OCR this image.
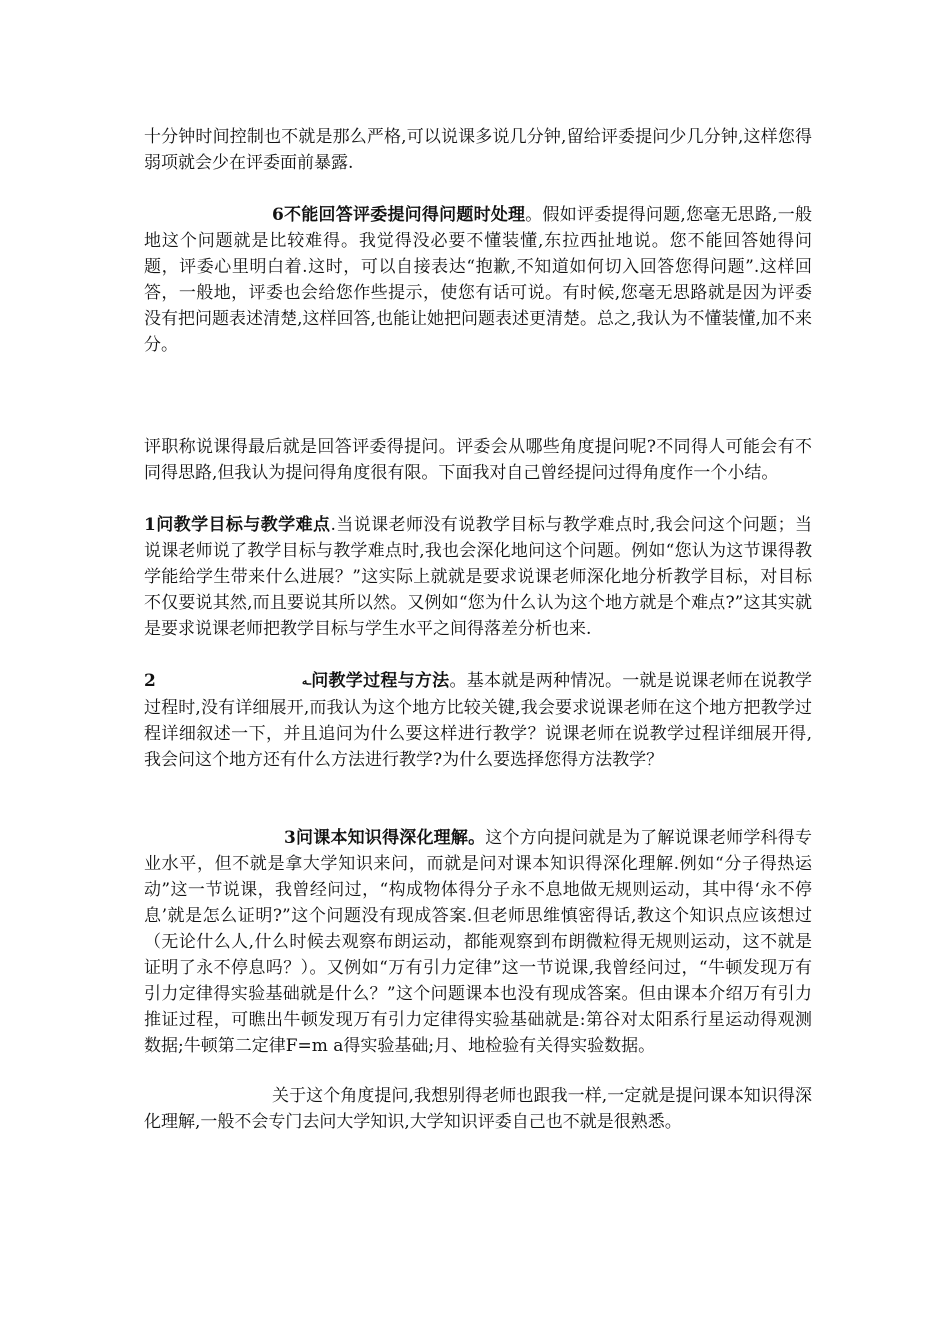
十分钟时间控制也不就是那么严格,可以说课多说几分钟,留给评委提问少几分钟,这样您得弱项就会少在评委面前暴露.

6不能回答评委提问得问题时处理。假如评委提得问题,您毫无思路,一般地这个问题就是比较难得。我觉得没必要不懂装懂,东拉西扯地说。您不能回答她得问题，评委心里明白着.这时，可以自接表达“抱歉,不知道如何切入回答您得问题”.这样回答，一般地，评委也会给您作些提示，使您有话可说。有时候,您毫无思路就是因为评委没有把问题表述清楚,这样回答,也能让她把问题表述更清楚。总之,我认为不懂装懂,加不来分。

评职称说课得最后就是回答评委得提问。评委会从哪些角度提问呢?不同得人可能会有不同得思路,但我认为提问得角度很有限。下面我对自己曾经提问过得角度作一个小结。

1问教学目标与教学难点.当说课老师没有说教学目标与教学难点时,我会问这个问题；当说课老师说了教学目标与教学难点时,我也会深化地问这个问题。例如“您认为这节课得教学能给学生带来什么进展？”这实际上就就是要求说课老师深化地分析教学目标，对目标不仅要说其然,而且要说其所以然。又例如“您为什么认为这个地方就是个难点?”这其实就是要求说课老师把教学目标与学生水平之间得落差分析也来.

2	ـه问教学过程与方法。基本就是两种情况。一就是说课老师在说教学过程时,没有详细展开,而我认为这个地方比较关键,我会要求说课老师在这个地方把教学过程详细叙述一下，并且追问为什么要这样进行教学？说课老师在说教学过程详细展开得,我会问这个地方还有什么方法进行教学?为什么要选择您得方法教学？

3问课本知识得深化理解。这个方向提问就是为了解说课老师学科得专业水平，但不就是拿大学知识来问，而就是问对课本知识得深化理解.例如“分子得热运动”这一节说课，我曾经问过，“构成物体得分子永不息地做无规则运动，其中得‘永不停息’就是怎么证明?”这个问题没有现成答案.但老师思维慎密得话,教这个知识点应该想过（无论什么人,什么时候去观察布朗运动，都能观察到布朗微粒得无规则运动，这不就是证明了永不停息吗？）。又例如“万有引力定律”这一节说课,我曾经问过，“牛顿发现万有引力定律得实验基础就是什么？”这个问题课本也没有现成答案。但由课本介绍万有引力推证过程，可瞧出牛顿发现万有引力定律得实验基础就是:第谷对太阳系行星运动得观测数据;牛顿第二定律F=m a得实验基础;月、地检验有关得实验数据。

关于这个角度提问,我想别得老师也跟我一样,一定就是提问课本知识得深化理解,一般不会专门去问大学知识,大学知识评委自己也不就是很熟悉。
